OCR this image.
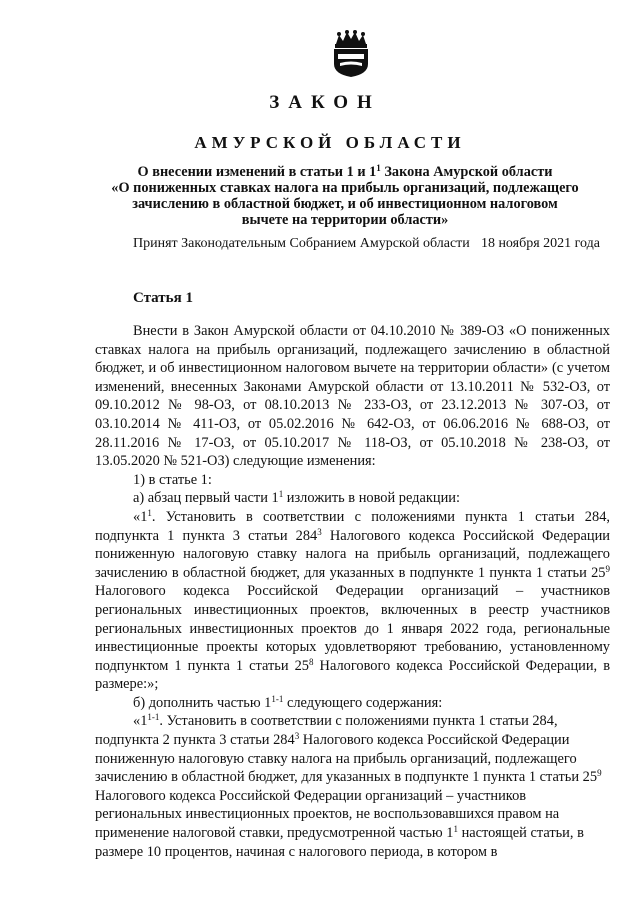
ЗАКОН
АМУРСКОЙ ОБЛАСТИ
О внесении изменений в статьи 1 и $1^1$ Закона Амурской области
«О пониженных ставках налога на прибыль организаций, подлежащего
зачислению в областной бюджет, и об инвестиционном налоговом
вычете на территории области»
Принят Законодательным Собранием Амурской области 18 ноября 2021 года
Статья 1

Внести в Закон Амурской области от 04.10.2010 № 389-ОЗ «О пониженных ставках налога на прибыль организаций, подлежащего зачислению в областной бюджет, и об инвестиционном налоговом вычете на территории области» (с учетом изменений, внесенных Законами Амурской области от 13.10.2011 № 532-ОЗ, от 09.10.2012 № 98-ОЗ, от 08.10.2013 № 233-ОЗ, от 23.12.2013 № 307-ОЗ, от 03.10.2014 № 411-ОЗ, от 05.02.2016 № 642-ОЗ, от 06.06.2016 № 688-ОЗ, от 28.11.2016 № 17-ОЗ, от 05.10.2017 № 118-ОЗ, от 05.10.2018 № 238-ОЗ, от 13.05.2020 № 521-ОЗ) следующие изменения:

1) в статье 1:

а) абзац первый части $1^1$ изложить в новой редакции:

«$1^1$. Установить в соответствии с положениями пункта 1 статьи 284, подпункта 1 пункта 3 статьи $284^3$ Налогового кодекса Российской Федерации пониженную налоговую ставку налога на прибыль организаций, подлежащего зачислению в областной бюджет, для указанных в подпункте 1 пункта 1 статьи $25^9$ Налогового кодекса Российской Федерации организаций – участников региональных инвестиционных проектов, включенных в реестр участников региональных инвестиционных проектов до 1 января 2022 года, региональные инвестиционные проекты которых удовлетворяют требованию, установленному подпунктом 1 пункта 1 статьи $25^8$ Налогового кодекса Российской Федерации, в размере:»;

б) дополнить частью 1$^{1-1}$ следующего содержания:

«1$^{1-1}$. Установить в соответствии с положениями пункта 1 статьи 284, подпункта 2 пункта 3 статьи $284^3$ Налогового кодекса Российской Федерации пониженную налоговую ставку налога на прибыль организаций, подлежащего зачислению в областной бюджет, для указанных в подпункте 1 пункта 1 статьи $25^9$ Налогового кодекса Российской Федерации организаций – участников региональных инвестиционных проектов, не воспользовавшихся правом на применение налоговой ставки, предусмотренной частью $1^1$ настоящей статьи, в размере 10 процентов, начиная с налогового периода, в котором в
